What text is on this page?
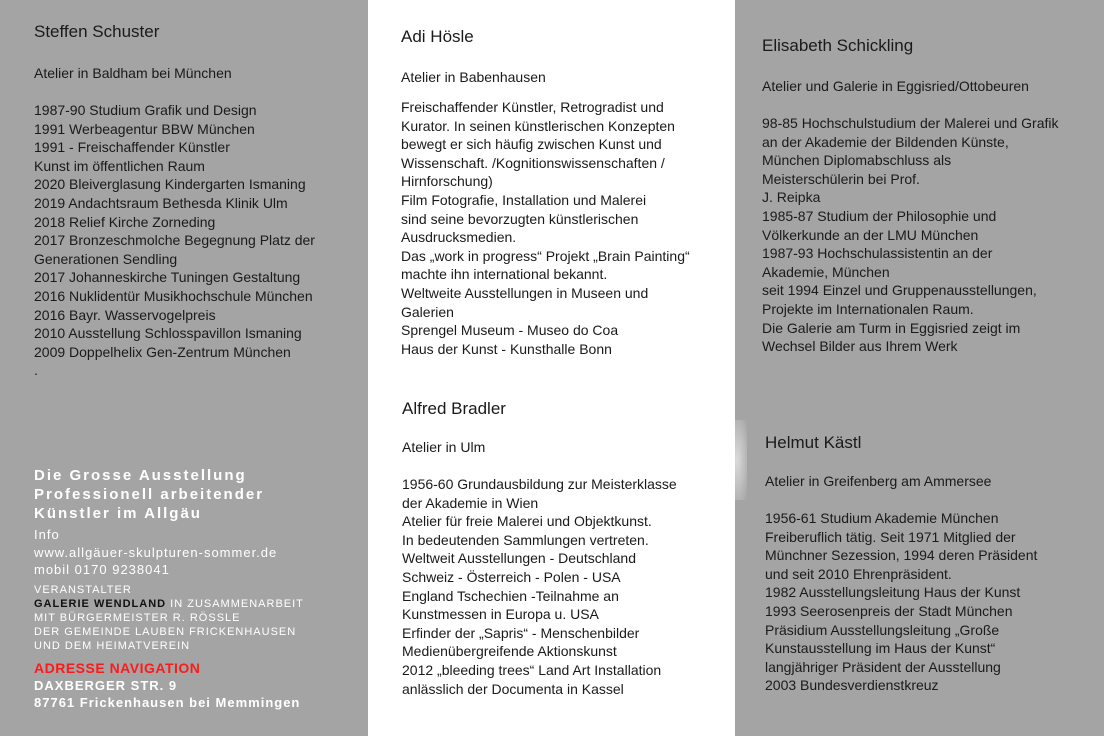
Steffen Schuster
Atelier in Baldham bei München
1987-90 Studium Grafik und Design
1991 Werbeagentur BBW München
1991 - Freischaffender Künstler
Kunst im öffentlichen Raum
2020 Bleiverglasung Kindergarten Ismaning
2019 Andachtsraum Bethesda Klinik Ulm
2018 Relief Kirche Zorneding
2017 Bronzeschmolche Begegnung Platz der
Generationen Sendling
2017 Johanneskirche Tuningen Gestaltung
2016 Nuklidentür Musikhochschule München
2016 Bayr. Wasservogelpreis
2010 Ausstellung Schlosspavillon Ismaning
2009 Doppelhelix Gen-Zentrum München
.
Die Grosse Ausstellung
Professionell arbeitender
Künstler im Allgäu
Info
www.allgäuer-skulpturen-sommer.de
mobil 0170 9238041
VERANSTALTER
GALERIE WENDLAND IN ZUSAMMENARBEIT
MIT BÜRGERMEISTER R. RÖSSLE
DER GEMEINDE LAUBEN FRICKENHAUSEN
UND DEM HEIMATVEREIN
ADRESSE NAVIGATION
DAXBERGER STR. 9
87761 Frickenhausen bei Memmingen
Adi Hösle
Atelier in Babenhausen
Freischaffender Künstler, Retrogradist und
Kurator. In seinen künstlerischen Konzepten
bewegt er sich häufig zwischen Kunst und
Wissenschaft. /Kognitionswissenschaften /
Hirnforschung)
Film Fotografie, Installation und Malerei
sind seine bevorzugten künstlerischen
Ausdrucksmedien.
Das „work in progress“ Projekt „Brain Painting“
machte ihn international bekannt.
Weltweite Ausstellungen in Museen und
Galerien
Sprengel Museum - Museo do Coa
Haus der Kunst - Kunsthalle Bonn
Alfred Bradler
Atelier in Ulm
1956-60 Grundausbildung zur Meisterklasse
der Akademie in Wien
Atelier für freie Malerei und Objektkunst.
In bedeutenden Sammlungen vertreten.
Weltweit Ausstellungen - Deutschland
Schweiz - Österreich - Polen - USA
England Tschechien -Teilnahme an
Kunstmessen in Europa u. USA
Erfinder der „Sapris“ - Menschenbilder
Medienübergreifende Aktionskunst
2012 „bleeding trees“ Land Art Installation
anlässlich der Documenta in Kassel
Elisabeth Schickling
Atelier und Galerie in Eggisried/Ottobeuren
98-85 Hochschulstudium der Malerei und Grafik
an der Akademie der Bildenden Künste,
München Diplomabschluss als
Meisterschülerin bei Prof.
J. Reipka
1985-87 Studium der Philosophie und
Völkerkunde an der LMU München
1987-93 Hochschulassistentin an der
Akademie, München
seit 1994 Einzel und Gruppenausstellungen,
Projekte im Internationalen Raum.
Die Galerie am Turm in Eggisried zeigt im
Wechsel Bilder aus Ihrem Werk
Helmut Kästl
Atelier in Greifenberg am Ammersee
1956-61 Studium Akademie München
Freiberuflich tätig. Seit 1971 Mitglied der
Münchner Sezession, 1994 deren Präsident
und seit 2010 Ehrenpräsident.
1982 Ausstellungsleitung Haus der Kunst
1993 Seerosenpreis der Stadt München
Präsidium Ausstellungsleitung „Große
Kunstausstellung im Haus der Kunst“
langjähriger Präsident der Ausstellung
2003 Bundesverdienstkreuz
